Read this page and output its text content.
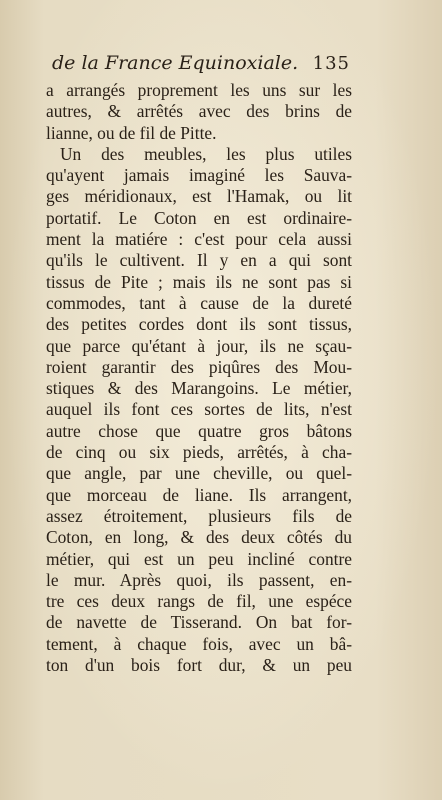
de la France Equinoxiale. 135
a arrangés proprement les uns sur les
autres, & arrêtés avec des brins de
lianne, ou de fil de Pitte.
Un des meubles, les plus utiles
qu'ayent jamais imaginé les Sauva-
ges méridionaux, est l'Hamak, ou lit
portatif. Le Coton en est ordinaire-
ment la matiére : c'est pour cela aussi
qu'ils le cultivent. Il y en a qui sont
tissus de Pite ; mais ils ne sont pas si
commodes, tant à cause de la dureté
des petites cordes dont ils sont tissus,
que parce qu'étant à jour, ils ne sçau-
roient garantir des piqûres des Mou-
stiques & des Marangoins. Le métier,
auquel ils font ces sortes de lits, n'est
autre chose que quatre gros bâtons
de cinq ou six pieds, arrêtés, à cha-
que angle, par une cheville, ou quel-
que morceau de liane. Ils arrangent,
assez étroitement, plusieurs fils de
Coton, en long, & des deux côtés du
métier, qui est un peu incliné contre
le mur. Après quoi, ils passent, en-
tre ces deux rangs de fil, une espéce
de navette de Tisserand. On bat for-
tement, à chaque fois, avec un bâ-
ton d'un bois fort dur, & un peu
